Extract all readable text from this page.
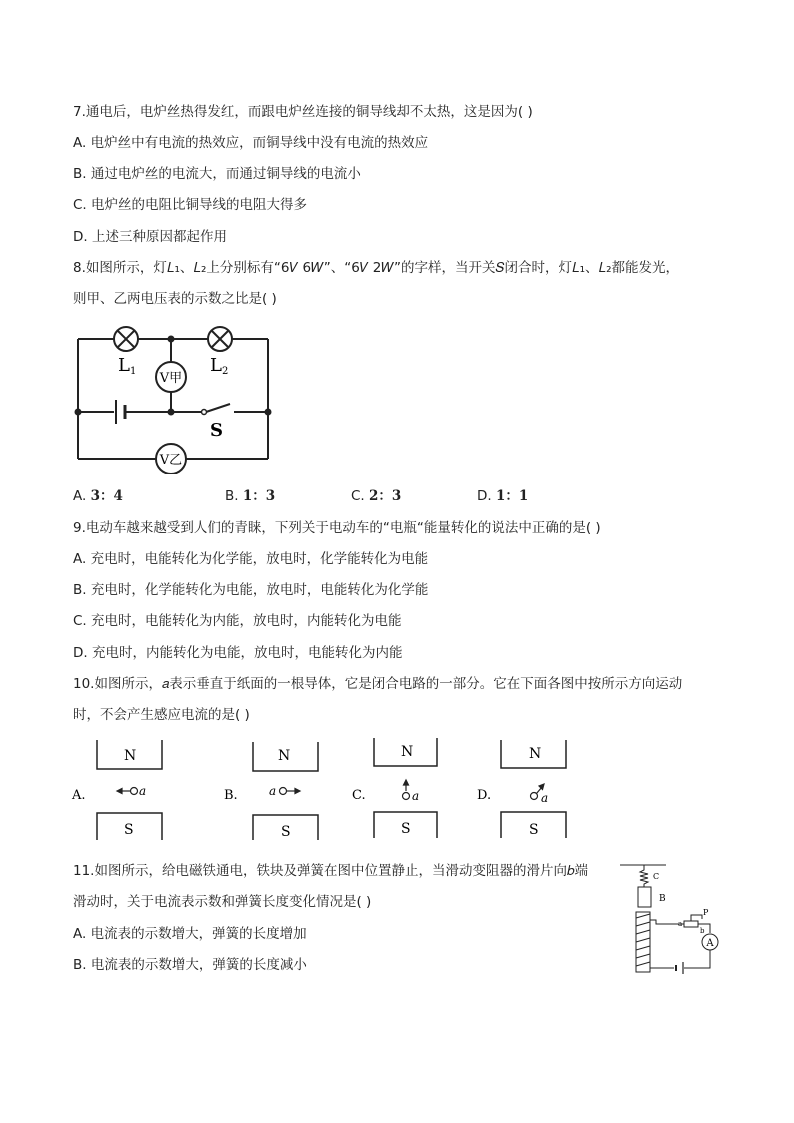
7.通电后，电炉丝热得发红，而跟电炉丝连接的铜导线却不太热，这是因为( )
A. 电炉丝中有电流的热效应，而铜导线中没有电流的热效应
B. 通过电炉丝的电流大，而通过铜导线的电流小
C. 电炉丝的电阻比铜导线的电阻大得多
D. 上述三种原因都起作用
8.如图所示，灯𝐿₁、𝐿₂上分别标有“6𝑉 6𝑊”、“6𝑉 2𝑊”的字样，当开关𝑆闭合时，灯𝐿₁、𝐿₂都能发光，
则甲、乙两电压表的示数之比是( )
L1	L2
V甲
V乙
S
A. 3：4	B. 1：3	C. 2：3	D. 1：1
9.电动车越来越受到人们的青睐，下列关于电动车的“电瓶“能量转化的说法中正确的是( )
A. 充电时，电能转化为化学能，放电时，化学能转化为电能
B. 充电时，化学能转化为电能，放电时，电能转化为化学能
C. 充电时，电能转化为内能，放电时，内能转化为电能
D. 充电时，内能转化为电能，放电时，电能转化为内能
10.如图所示，𝑎表示垂直于纸面的一根导体，它是闭合电路的一部分。它在下面各图中按所示方向运动
时，不会产生感应电流的是( )
N
S
N
S
N
S
N
S
A.	B.	C.	D.
a	a	a	a
11.如图所示，给电磁铁通电，铁块及弹簧在图中位置静止，当滑动变阻器的滑片向𝑏端
滑动时，关于电流表示数和弹簧长度变化情况是( )
A. 电流表的示数增大，弹簧的长度增加
B. 电流表的示数增大，弹簧的长度减小
C
B
a
P
b
A
